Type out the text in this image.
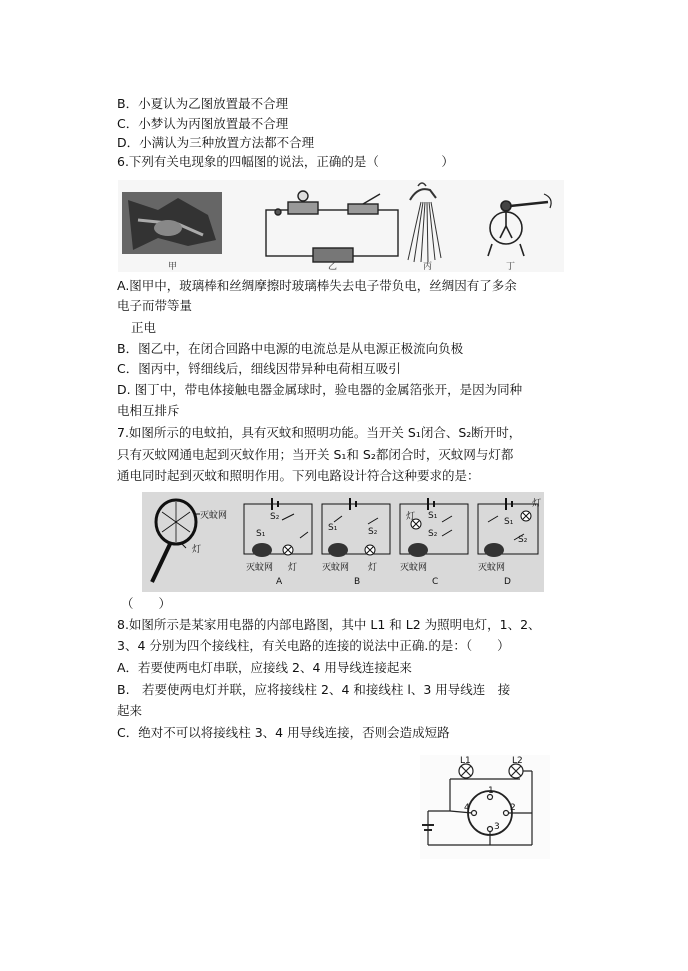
B．小夏认为乙图放置最不合理
C．小梦认为丙图放置最不合理
D．小满认为三种放置方法都不合理
6.下列有关电现象的四幅图的说法，正确的是（　　　　　）
甲	乙	丙	丁
A.图甲中，玻璃棒和丝绸摩擦时玻璃棒失去电子带负电，丝绸因有了多余
电子而带等量
正电
B．图乙中，在闭合回路中电源的电流总是从电源正极流向负极
C．图丙中，锊细线后，细线因带异种电荷相互吸引
D. 图丁中，带电体接触电器金属球时，验电器的金属箔张开，是因为同种
电相互排斥
7.如图所示的电蚊拍，具有灭蚊和照明功能。当开关 S₁闭合、S₂断开时，
只有灭蚊网通电起到灭蚊作用；当开关 S₁和 S₂都闭合时，灭蚊网与灯都
通电同时起到灭蚊和照明作用。下列电路设计符合这种要求的是：
灭蚊网
灯
S₂
S₁
S₁	S₂
S₁
S₂
S₁
S₂
灭蚊网 灯	灭蚊网 灯
灯
灭蚊网
灯
灭蚊网
A	B	C	D
（　　）
8.如图所示是某家用电器的内部电路图，其中 L1 和 L2 为照明电灯，1、2、
3、4 分别为四个接线柱，有关电路的连接的说法中正确.的是：（　　）
A．若要使两电灯串联，应接线 2、4 用导线连接起来
B.　若要使两电灯并联，应将接线柱 2、4 和接线柱 l、3 用导线连　接
起来
C．绝对不可以将接线柱 3、4 用导线连接，否则会造成短路
L1	L2
1
2
3
4
